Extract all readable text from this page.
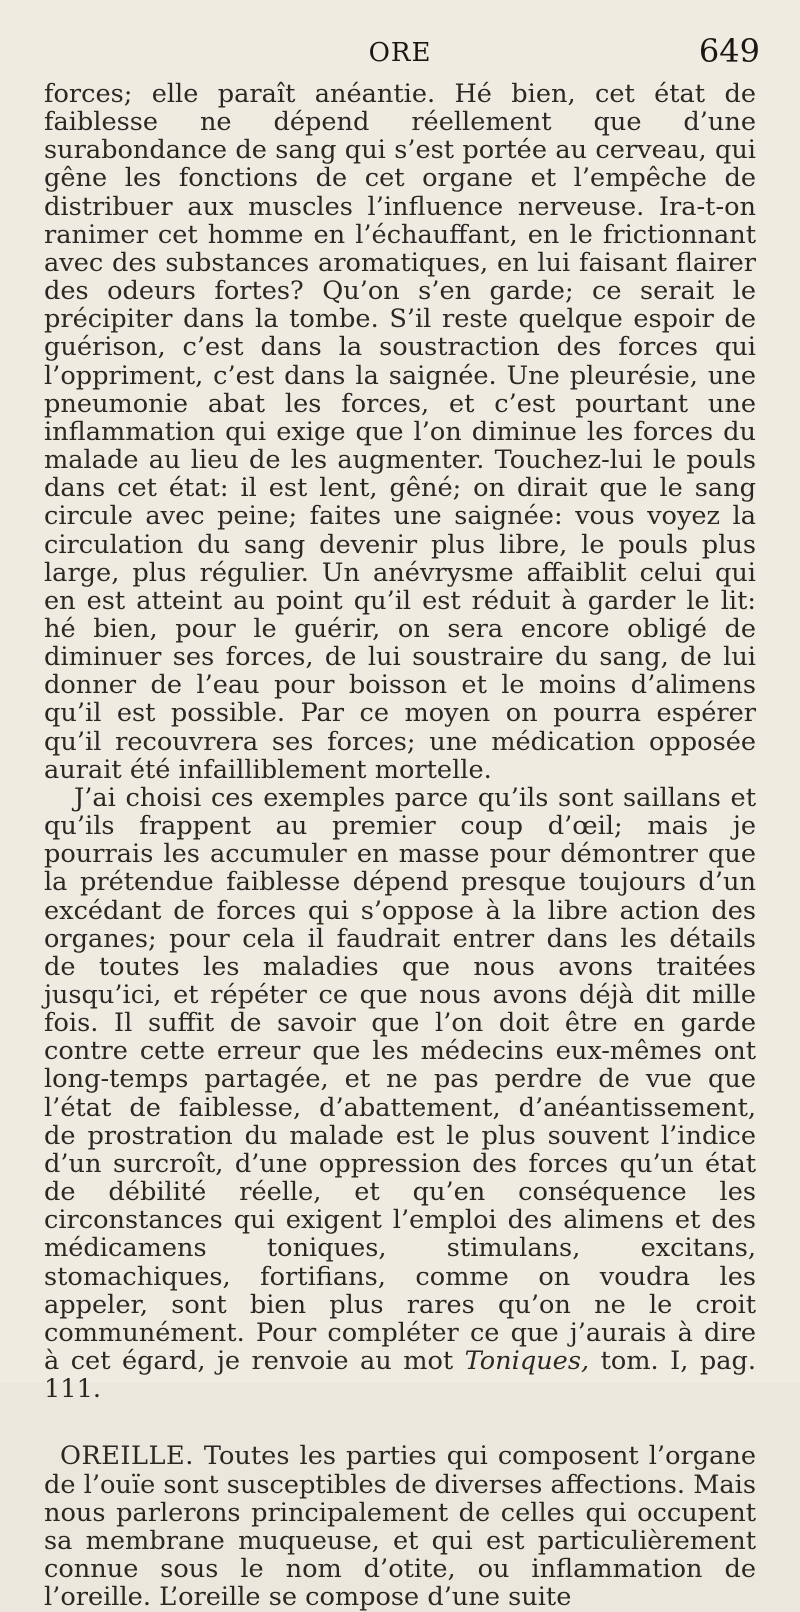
ORE	649

forces; elle paraît anéantie. Hé bien, cet état de faiblesse ne dépend réellement que d’une surabondance de sang qui s’est portée au cerveau, qui gêne les fonctions de cet organe et l’empêche de distribuer aux muscles l’influence nerveuse. Ira-t-on ranimer cet homme en l’échauffant, en le frictionnant avec des substances aromatiques, en lui faisant flairer des odeurs fortes? Qu’on s’en garde; ce serait le précipiter dans la tombe. S’il reste quelque espoir de guérison, c’est dans la soustraction des forces qui l’oppriment, c’est dans la saignée. Une pleurésie, une pneumonie abat les forces, et c’est pourtant une inflammation qui exige que l’on diminue les forces du malade au lieu de les augmenter. Touchez-lui le pouls dans cet état: il est lent, gêné; on dirait que le sang circule avec peine; faites une saignée: vous voyez la circulation du sang devenir plus libre, le pouls plus large, plus régulier. Un anévrysme affaiblit celui qui en est atteint au point qu’il est réduit à garder le lit: hé bien, pour le guérir, on sera encore obligé de diminuer ses forces, de lui soustraire du sang, de lui donner de l’eau pour boisson et le moins d’alimens qu’il est possible. Par ce moyen on pourra espérer qu’il recouvrera ses forces; une médication opposée aurait été infailliblement mortelle.

J’ai choisi ces exemples parce qu’ils sont saillans et qu’ils frappent au premier coup d’œil; mais je pourrais les accumuler en masse pour démontrer que la prétendue faiblesse dépend presque toujours d’un excédant de forces qui s’oppose à la libre action des organes; pour cela il faudrait entrer dans les détails de toutes les maladies que nous avons traitées jusqu’ici, et répéter ce que nous avons déjà dit mille fois. Il suffit de savoir que l’on doit être en garde contre cette erreur que les médecins eux-mêmes ont long-temps partagée, et ne pas perdre de vue que l’état de faiblesse, d’abattement, d’anéantissement, de prostration du malade est le plus souvent l’indice d’un surcroît, d’une oppression des forces qu’un état de débilité réelle, et qu’en conséquence les circonstances qui exigent l’emploi des alimens et des médicamens toniques, stimulans, excitans, stomachiques, fortifians, comme on voudra les appeler, sont bien plus rares qu’on ne le croit communément. Pour compléter ce que j’aurais à dire à cet égard, je renvoie au mot Toniques, tom. I, pag. 111.

OREILLE. Toutes les parties qui composent l’organe de l’ouïe sont susceptibles de diverses affections. Mais nous parlerons principalement de celles qui occupent sa membrane muqueuse, et qui est particulièrement connue sous le nom d’otite, ou inflammation de l’oreille. L’oreille se compose d’une suite
